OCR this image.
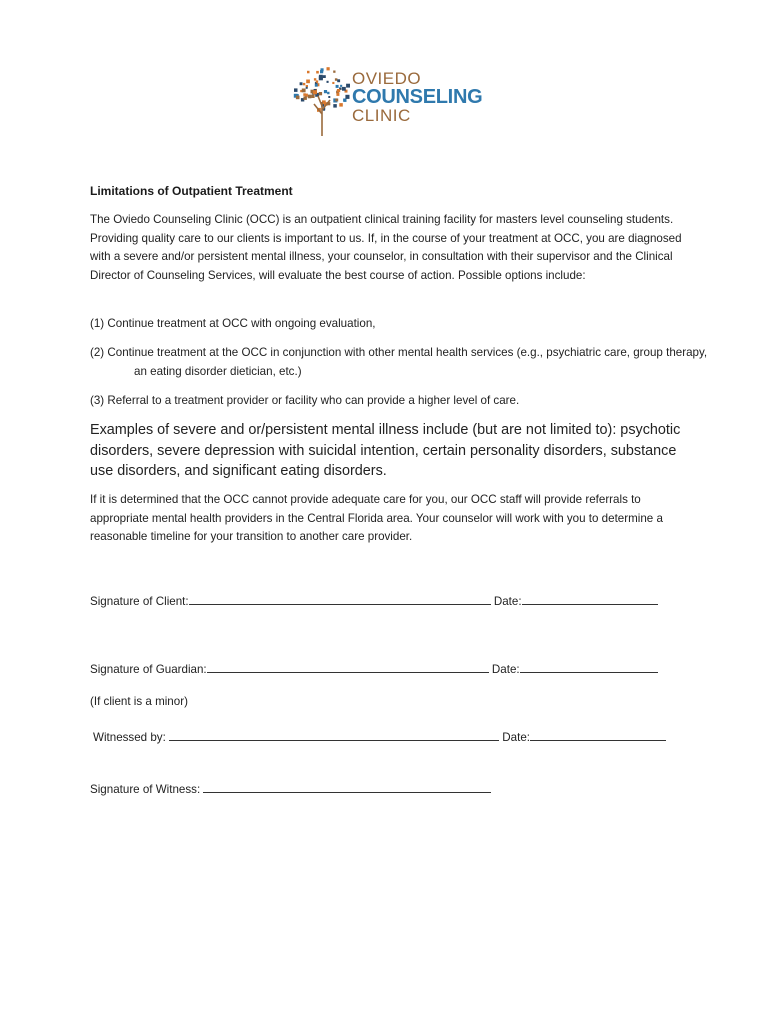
OVIEDO
COUNSELING
CLINIC
Limitations of Outpatient Treatment
The Oviedo Counseling Clinic (OCC) is an outpatient clinical training facility for masters level counseling students. Providing quality care to our clients is important to us. If, in the course of your treatment at OCC, you are diagnosed with a severe and/or persistent mental illness, your counselor, in consultation with their supervisor and the Clinical Director of Counseling Services, will evaluate the best course of action. Possible options include:
(1) Continue treatment at OCC with ongoing evaluation,
(2) Continue treatment at the OCC in conjunction with other mental health services (e.g., psychiatric care, group therapy, an eating disorder dietician, etc.)
(3) Referral to a treatment provider or facility who can provide a higher level of care.
Examples of severe and or/persistent mental illness include (but are not limited to): psychotic disorders, severe depression with suicidal intention, certain personality disorders, substance use disorders, and significant eating disorders.
If it is determined that the OCC cannot provide adequate care for you, our OCC staff will provide referrals to appropriate mental health providers in the Central Florida area. Your counselor will work with you to determine a reasonable timeline for your transition to another care provider.
Signature of Client:	Date:
Signature of Guardian:	Date:
(If client is a minor)
Witnessed by:	Date:
Signature of Witness:
